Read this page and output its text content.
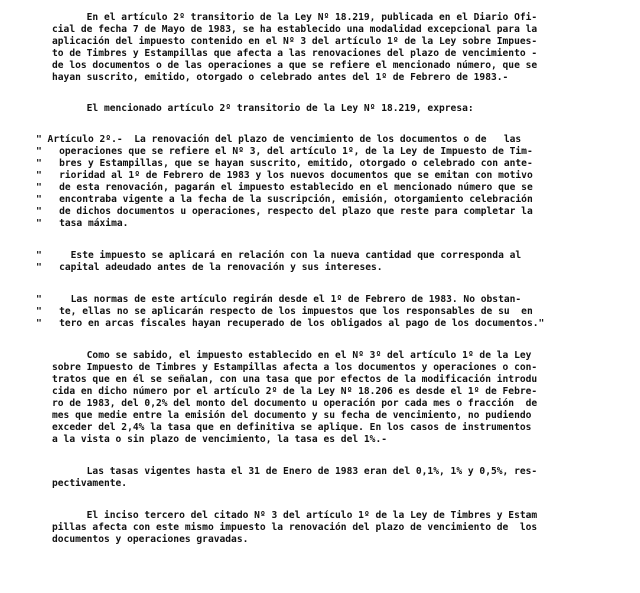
En el artículo 2º transitorio de la Ley Nº 18.219, publicada en el Diario Ofi-
cial de fecha 7 de Mayo de 1983, se ha establecido una modalidad excepcional para la
aplicación del impuesto contenido en el Nº 3 del artículo 1º de la Ley sobre Impues-
to de Timbres y Estampillas que afecta a las renovaciones del plazo de vencimiento -
de los documentos o de las operaciones a que se refiere el mencionado número, que se
hayan suscrito, emitido, otorgado o celebrado antes del 1º de Febrero de 1983.-
El mencionado artículo 2º transitorio de la Ley Nº 18.219, expresa:
" Artículo 2º.-  La renovación del plazo de vencimiento de los documentos o de   las
"   operaciones que se refiere el Nº 3, del artículo 1º, de la Ley de Impuesto de Tim-
"   bres y Estampillas, que se hayan suscrito, emitido, otorgado o celebrado con ante-
"   rioridad al 1º de Febrero de 1983 y los nuevos documentos que se emitan con motivo
"   de esta renovación, pagarán el impuesto establecido en el mencionado número que se
"   encontraba vigente a la fecha de la suscripción, emisión, otorgamiento celebración
"   de dichos documentos u operaciones, respecto del plazo que reste para completar la
"   tasa máxima.
"     Este impuesto se aplicará en relación con la nueva cantidad que corresponda al
"   capital adeudado antes de la renovación y sus intereses.
"     Las normas de este artículo regirán desde el 1º de Febrero de 1983. No obstan-
"   te, ellas no se aplicarán respecto de los impuestos que los responsables de su  en
"   tero en arcas fiscales hayan recuperado de los obligados al pago de los documentos."
Como se sabido, el impuesto establecido en el Nº 3º del artículo 1º de la Ley
sobre Impuesto de Timbres y Estampillas afecta a los documentos y operaciones o con-
tratos que en él se señalan, con una tasa que por efectos de la modificación introdu
cida en dicho número por el artículo 2º de la Ley Nº 18.206 es desde el 1º de Febre-
ro de 1983, del 0,2% del monto del documento u operación por cada mes o fracción  de
mes que medie entre la emisión del documento y su fecha de vencimiento, no pudiendo
exceder del 2,4% la tasa que en definitiva se aplique. En los casos de instrumentos
a la vista o sin plazo de vencimiento, la tasa es del 1%.-
Las tasas vigentes hasta el 31 de Enero de 1983 eran del 0,1%, 1% y 0,5%, res-
pectivamente.
El inciso tercero del citado Nº 3 del artículo 1º de la Ley de Timbres y Estam
pillas afecta con este mismo impuesto la renovación del plazo de vencimiento de  los
documentos y operaciones gravadas.
